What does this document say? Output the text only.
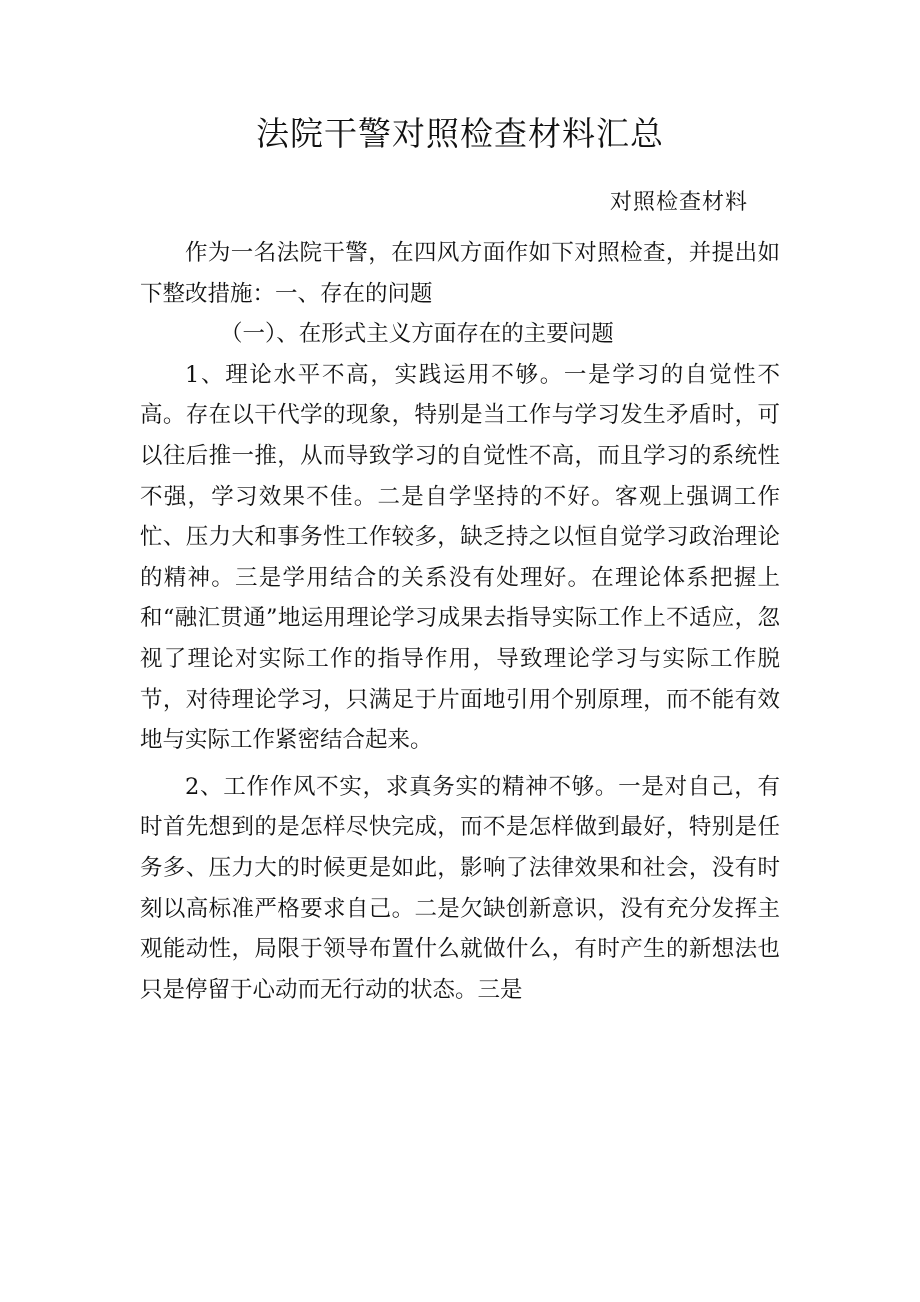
法院干警对照检查材料汇总
对照检查材料

作为一名法院干警，在四风方面作如下对照检查，并提出如下整改措施：一、存在的问题

（一）、在形式主义方面存在的主要问题

1、理论水平不高，实践运用不够。一是学习的自觉性不高。存在以干代学的现象，特别是当工作与学习发生矛盾时，可以往后推一推，从而导致学习的自觉性不高，而且学习的系统性不强，学习效果不佳。二是自学坚持的不好。客观上强调工作忙、压力大和事务性工作较多，缺乏持之以恒自觉学习政治理论的精神。三是学用结合的关系没有处理好。在理论体系把握上和“融汇贯通”地运用理论学习成果去指导实际工作上不适应，忽视了理论对实际工作的指导作用，导致理论学习与实际工作脱节，对待理论学习，只满足于片面地引用个别原理，而不能有效地与实际工作紧密结合起来。

2、工作作风不实，求真务实的精神不够。一是对自己，有时首先想到的是怎样尽快完成，而不是怎样做到最好，特别是任务多、压力大的时候更是如此，影响了法律效果和社会，没有时刻以高标准严格要求自己。二是欠缺创新意识，没有充分发挥主观能动性，局限于领导布置什么就做什么，有时产生的新想法也只是停留于心动而无行动的状态。三是
